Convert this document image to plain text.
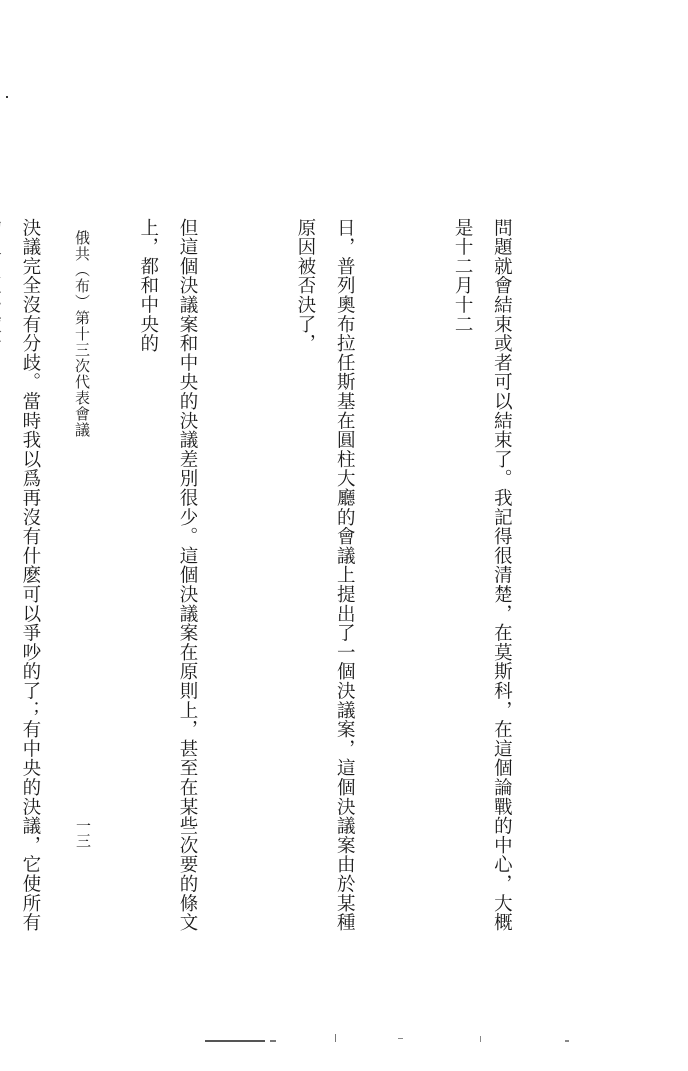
問題就會結束或者可以結束了。我記得很清楚，在莫斯科，在這個論戰的中心，大概是十二月十二

日，普列奧布拉任斯基在圓柱大廳的會議上提出了一個決議案，這個決議案由於某種原因被否決了，

但這個決議案和中央的決議差別很少。這個決議案在原則上，甚至在某些次要的條文上，都和中央的

決議完全沒有分歧。當時我以爲再沒有什麽可以爭吵的了；有中央的決議，它使所有

俄共（布）第十三次代表會議
一三
